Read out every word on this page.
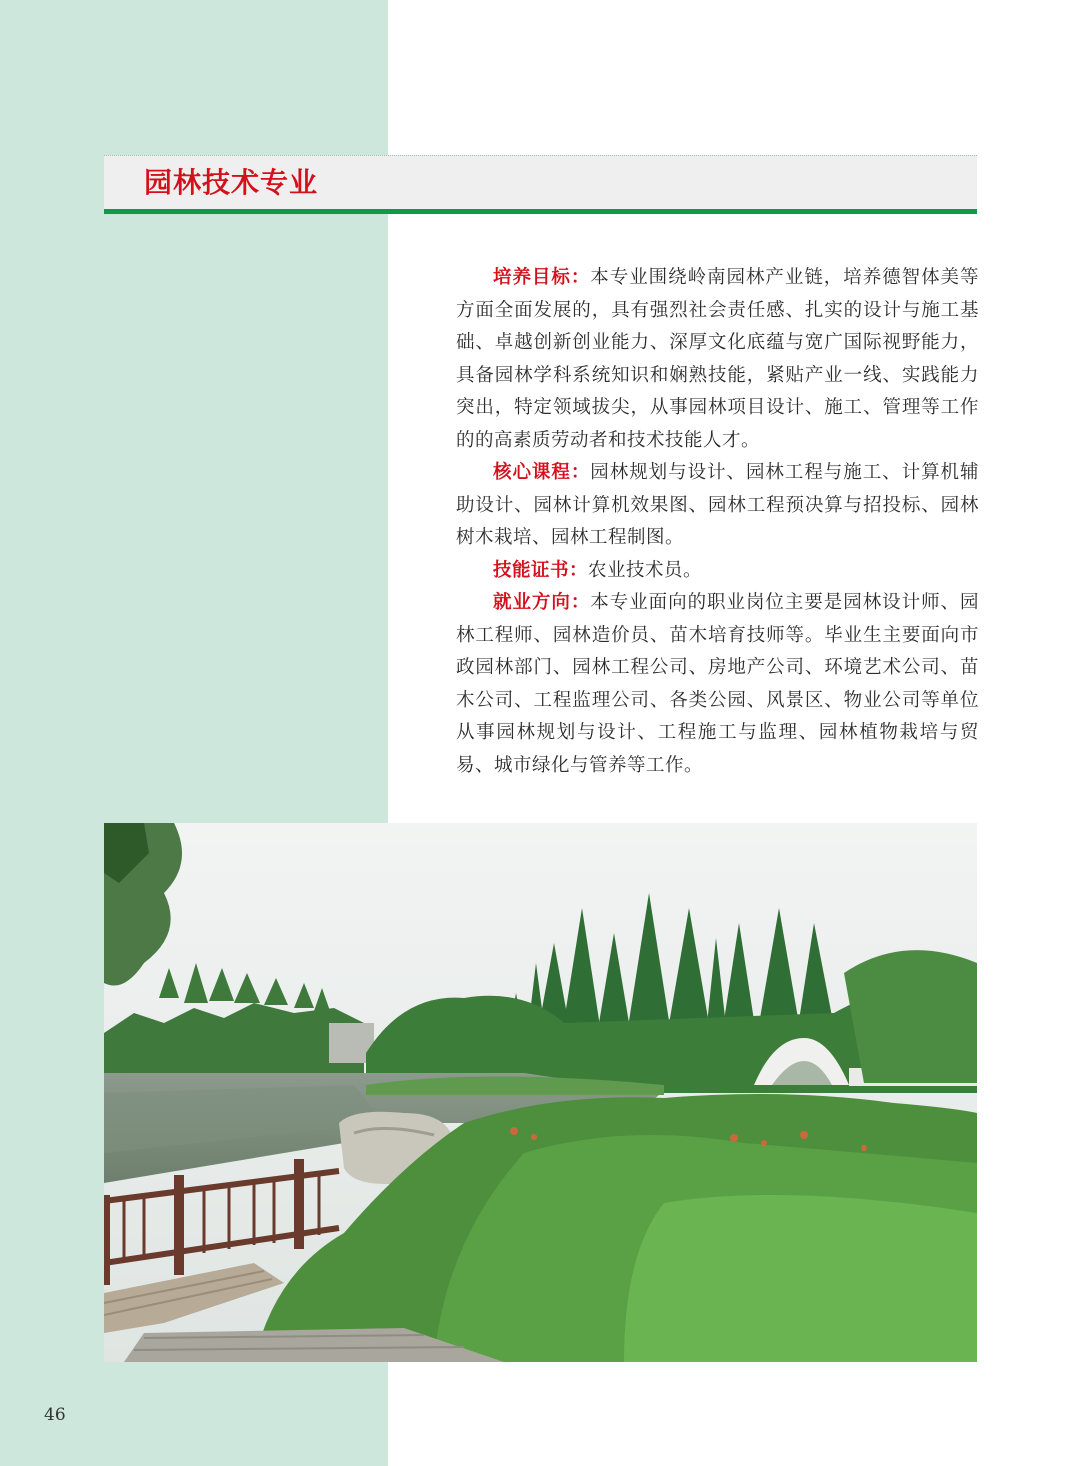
园林技术专业

培养目标：本专业围绕岭南园林产业链，培养德智体美等方面全面发展的，具有强烈社会责任感、扎实的设计与施工基础、卓越创新创业能力、深厚文化底蕴与宽广国际视野能力，具备园林学科系统知识和娴熟技能，紧贴产业一线、实践能力突出，特定领域拔尖，从事园林项目设计、施工、管理等工作的的高素质劳动者和技术技能人才。

核心课程：园林规划与设计、园林工程与施工、计算机辅助设计、园林计算机效果图、园林工程预决算与招投标、园林树木栽培、园林工程制图。

技能证书：农业技术员。

就业方向：本专业面向的职业岗位主要是园林设计师、园林工程师、园林造价员、苗木培育技师等。毕业生主要面向市政园林部门、园林工程公司、房地产公司、环境艺术公司、苗木公司、工程监理公司、各类公园、风景区、物业公司等单位从事园林规划与设计、工程施工与监理、园林植物栽培与贸易、城市绿化与管养等工作。

46
